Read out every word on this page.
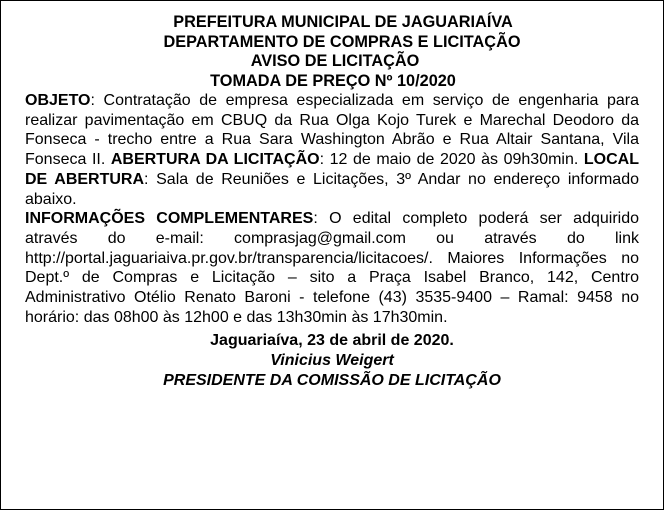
PREFEITURA MUNICIPAL DE JAGUARIAÍVA
DEPARTAMENTO DE COMPRAS E LICITAÇÃO
AVISO DE LICITAÇÃO
TOMADA DE PREÇO Nº 10/2020

OBJETO: Contratação de empresa especializada em serviço de engenharia para realizar pavimentação em CBUQ da Rua Olga Kojo Turek e Marechal Deodoro da Fonseca - trecho entre a Rua Sara Washington Abrão e Rua Altair Santana, Vila Fonseca II. ABERTURA DA LICITAÇÃO: 12 de maio de 2020 às 09h30min. LOCAL DE ABERTURA: Sala de Reuniões e Licitações, 3º Andar no endereço informado abaixo.

INFORMAÇÕES COMPLEMENTARES: O edital completo poderá ser adquirido através do e-mail: comprasjag@gmail.com ou através do link http://portal.jaguariaiva.pr.gov.br/transparencia/licitacoes/. Maiores Informações no Dept.º de Compras e Licitação – sito a Praça Isabel Branco, 142, Centro Administrativo Otélio Renato Baroni - telefone (43) 3535-9400 – Ramal: 9458 no horário: das 08h00 às 12h00 e das 13h30min às 17h30min.

Jaguariaíva, 23 de abril de 2020.
Vinicius Weigert
PRESIDENTE DA COMISSÃO DE LICITAÇÃO
